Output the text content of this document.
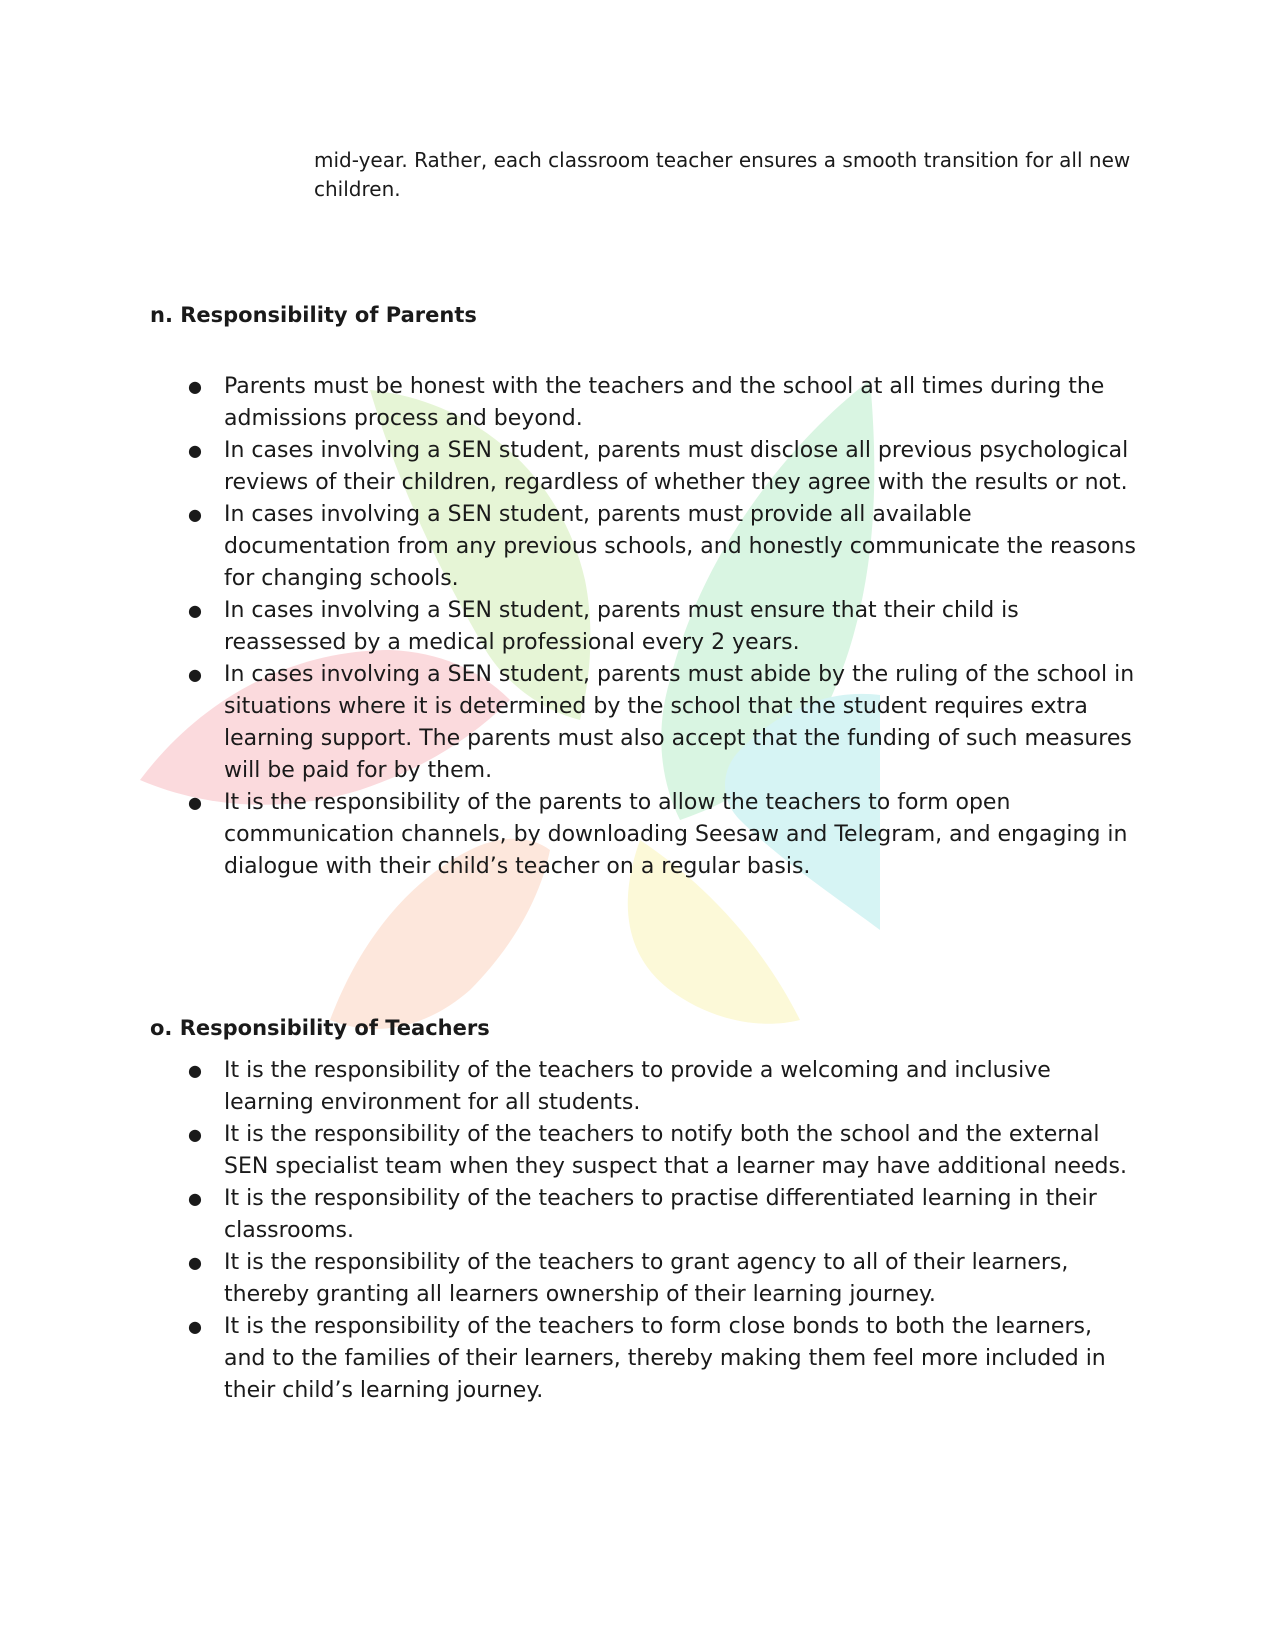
mid-year. Rather, each classroom teacher ensures a smooth transition for all new children.

n. Responsibility of Parents
● Parents must be honest with the teachers and the school at all times during the admissions process and beyond.
● In cases involving a SEN student, parents must disclose all previous psychological reviews of their children, regardless of whether they agree with the results or not.
● In cases involving a SEN student, parents must provide all available documentation from any previous schools, and honestly communicate the reasons for changing schools.
● In cases involving a SEN student, parents must ensure that their child is reassessed by a medical professional every 2 years.
● In cases involving a SEN student, parents must abide by the ruling of the school in situations where it is determined by the school that the student requires extra learning support. The parents must also accept that the funding of such measures will be paid for by them.
● It is the responsibility of the parents to allow the teachers to form open communication channels, by downloading Seesaw and Telegram, and engaging in dialogue with their child’s teacher on a regular basis.
o. Responsibility of Teachers
● It is the responsibility of the teachers to provide a welcoming and inclusive learning environment for all students.
● It is the responsibility of the teachers to notify both the school and the external SEN specialist team when they suspect that a learner may have additional needs.
● It is the responsibility of the teachers to practise differentiated learning in their classrooms.
● It is the responsibility of the teachers to grant agency to all of their learners, thereby granting all learners ownership of their learning journey.
● It is the responsibility of the teachers to form close bonds to both the learners, and to the families of their learners, thereby making them feel more included in their child’s learning journey.
